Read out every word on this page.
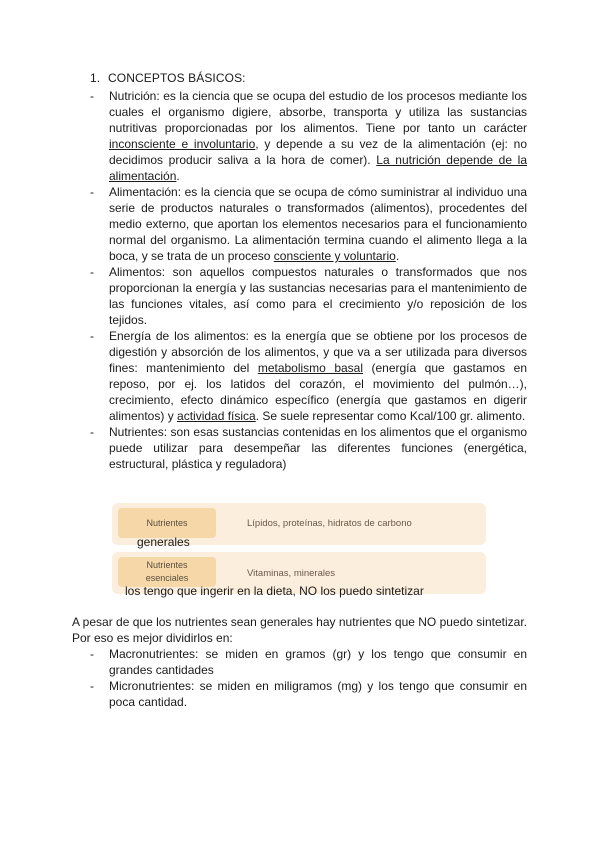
1. CONCEPTOS BÁSICOS:
- Nutrición: es la ciencia que se ocupa del estudio de los procesos mediante los cuales el organismo digiere, absorbe, transporta y utiliza las sustancias nutritivas proporcionadas por los alimentos. Tiene por tanto un carácter inconsciente e involuntario, y depende a su vez de la alimentación (ej: no decidimos producir saliva a la hora de comer). La nutrición depende de la alimentación.
- Alimentación: es la ciencia que se ocupa de cómo suministrar al individuo una serie de productos naturales o transformados (alimentos), procedentes del medio externo, que aportan los elementos necesarios para el funcionamiento normal del organismo. La alimentación termina cuando el alimento llega a la boca, y se trata de un proceso consciente y voluntario.
- Alimentos: son aquellos compuestos naturales o transformados que nos proporcionan la energía y las sustancias necesarias para el mantenimiento de las funciones vitales, así como para el crecimiento y/o reposición de los tejidos.
- Energía de los alimentos: es la energía que se obtiene por los procesos de digestión y absorción de los alimentos, y que va a ser utilizada para diversos fines: mantenimiento del metabolismo basal (energía que gastamos en reposo, por ej. los latidos del corazón, el movimiento del pulmón…), crecimiento, efecto dinámico específico (energía que gastamos en digerir alimentos) y actividad física. Se suele representar como Kcal/100 gr. alimento.
- Nutrientes: son esas sustancias contenidas en los alimentos que el organismo puede utilizar para desempeñar las diferentes funciones (energética, estructural, plástica y reguladora)
Nutrientes	Lípidos, proteínas, hidratos de carbono
generales
Nutrientes
esenciales	Vitaminas, minerales
los tengo que ingerir en la dieta, NO los puedo sintetizar
A pesar de que los nutrientes sean generales hay nutrientes que NO puedo sintetizar. Por eso es mejor dividirlos en:
- Macronutrientes: se miden en gramos (gr) y los tengo que consumir en grandes cantidades
- Micronutrientes: se miden en miligramos (mg) y los tengo que consumir en poca cantidad.
